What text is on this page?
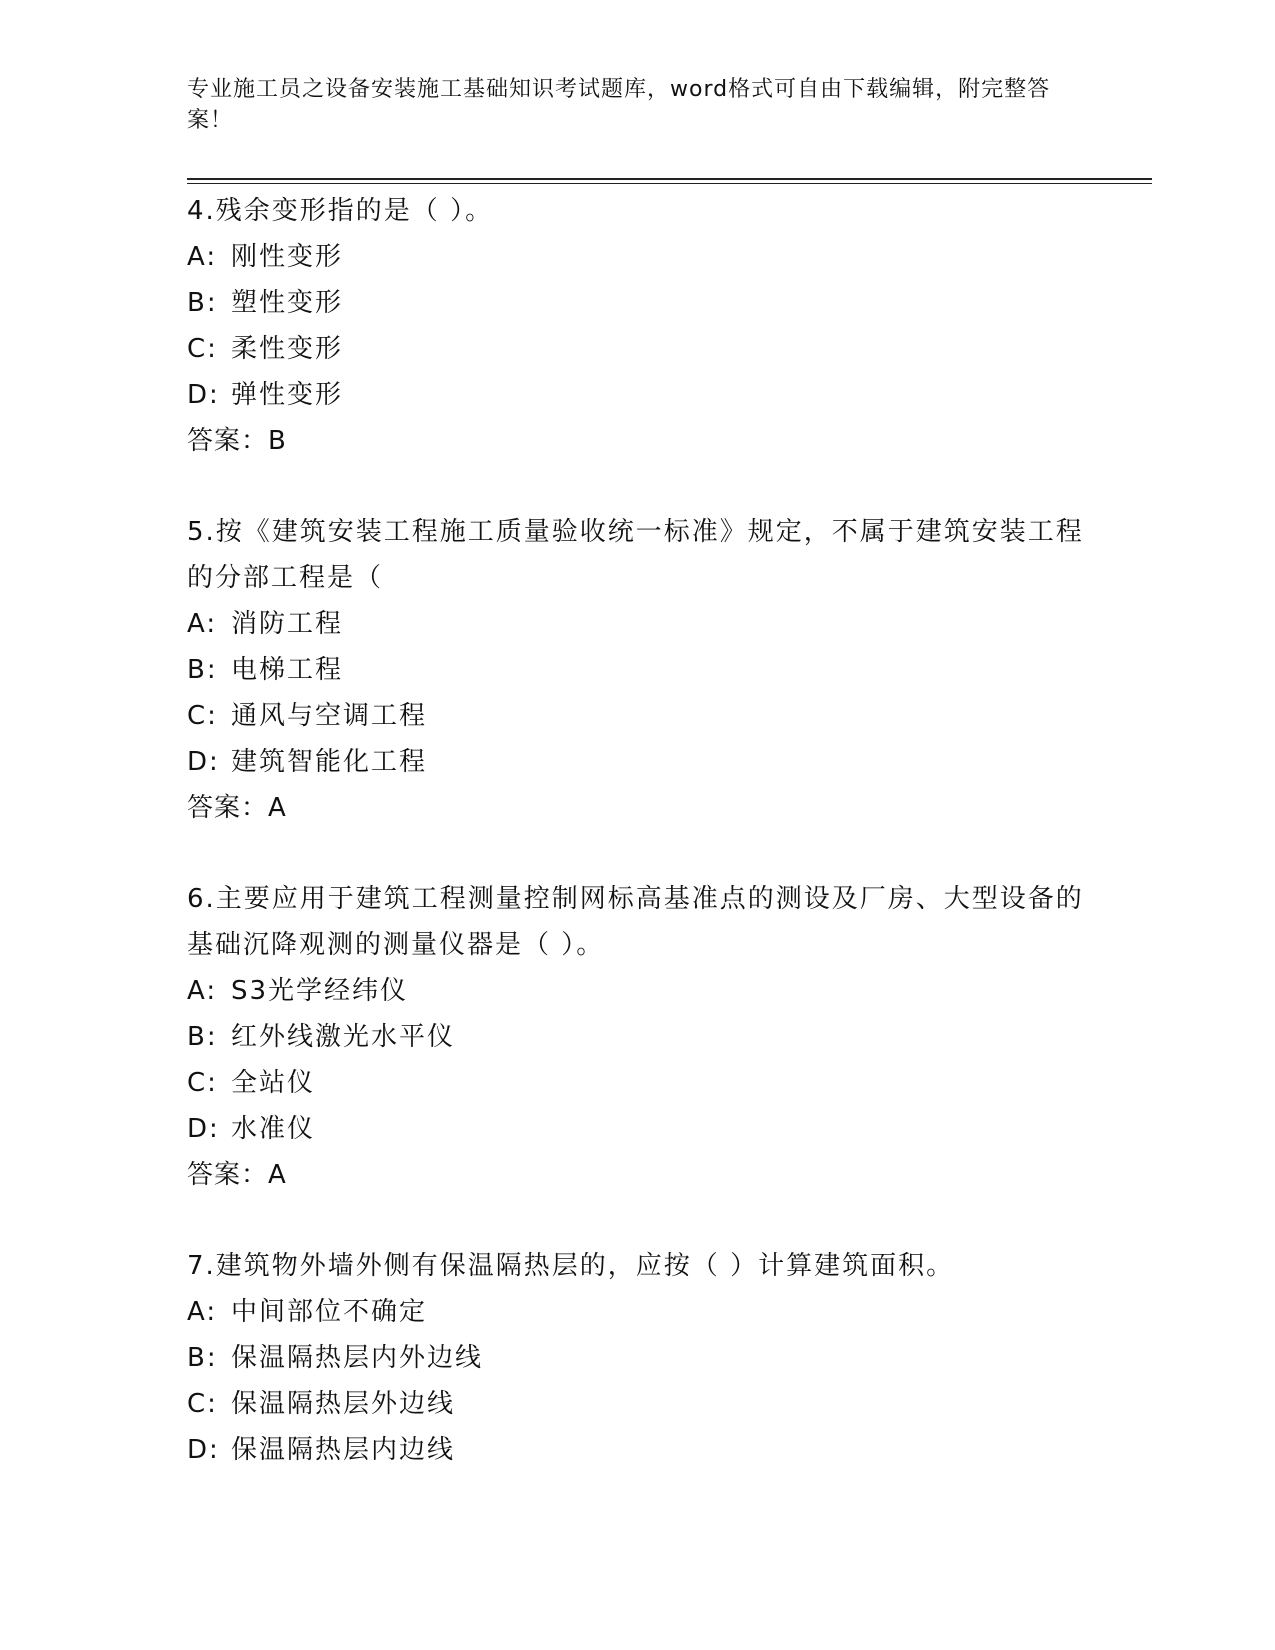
专业施工员之设备安装施工基础知识考试题库，word格式可自由下载编辑，附完整答案！

4.残余变形指的是（ ）。

A: 刚性变形

B: 塑性变形

C: 柔性变形

D: 弹性变形

答案：B

5.按《建筑安装工程施工质量验收统一标准》规定，不属于建筑安装工程的分部工程是（

A: 消防工程

B: 电梯工程

C: 通风与空调工程

D: 建筑智能化工程

答案：A

6.主要应用于建筑工程测量控制网标高基准点的测设及厂房、大型设备的基础沉降观测的测量仪器是（ ）。

A: S3光学经纬仪

B: 红外线激光水平仪

C: 全站仪

D: 水准仪

答案：A

7.建筑物外墙外侧有保温隔热层的，应按（ ）计算建筑面积。

A: 中间部位不确定

B: 保温隔热层内外边线

C: 保温隔热层外边线

D: 保温隔热层内边线
